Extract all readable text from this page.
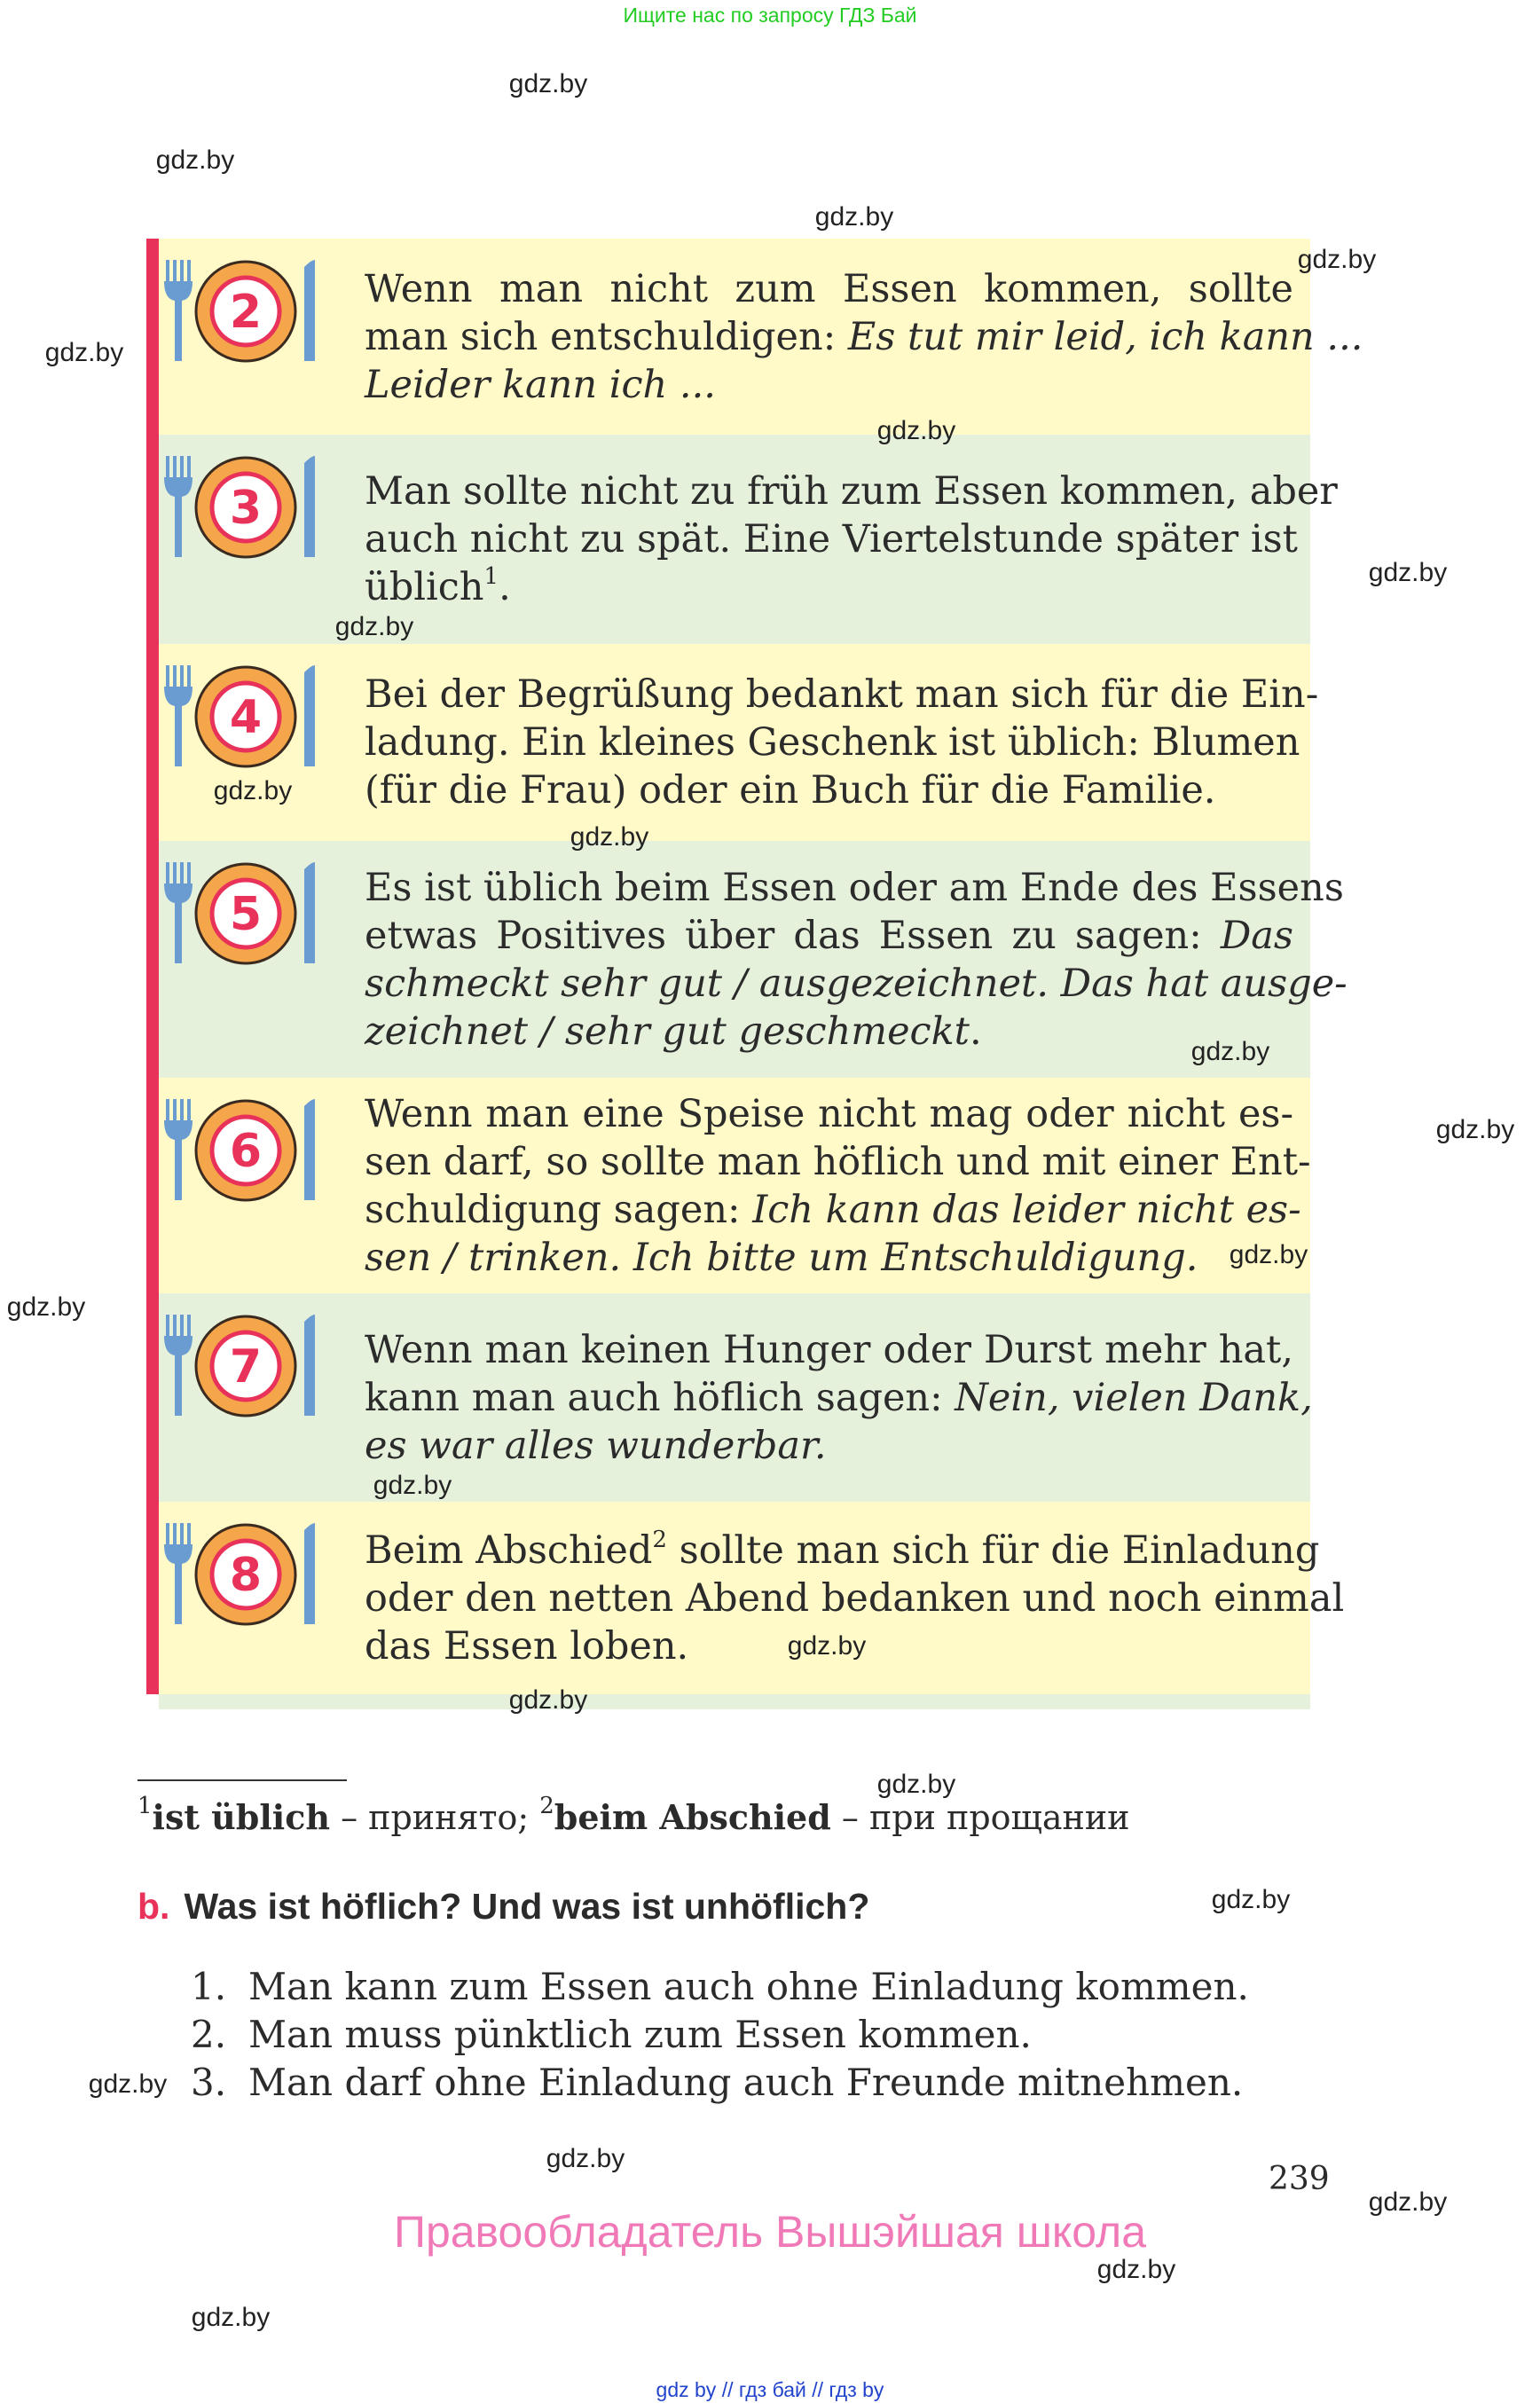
Ищите нас по запросу ГДЗ Бай
2	Wenn man nicht zum Essen kommen, sollte
man sich entschuldigen: Es tut mir leid, ich kann ...
Leider kann ich ...
3	Man sollte nicht zu früh zum Essen kommen, aber
auch nicht zu spät. Eine Viertelstunde später ist
üblich$^1$.
4	Bei der Begrüßung bedankt man sich für die Ein-
ladung. Ein kleines Geschenk ist üblich: Blumen
(für die Frau) oder ein Buch für die Familie.
5
Es ist üblich beim Essen oder am Ende des Essens
etwas Positives über das Essen zu sagen: Das
schmeckt sehr gut / ausgezeichnet. Das hat ausge-
zeichnet / sehr gut geschmeckt.
6
Wenn man eine Speise nicht mag oder nicht es-
sen darf, so sollte man höflich und mit einer Ent-
schuldigung sagen: Ich kann das leider nicht es-
sen / trinken. Ich bitte um Entschuldigung.
7	Wenn man keinen Hunger oder Durst mehr hat,
kann man auch höflich sagen: Nein, vielen Dank,
es war alles wunderbar.
8	Beim Abschied$^2$ sollte man sich für die Einladung
oder den netten Abend bedanken und noch einmal
das Essen loben.
$^1$ist üblich – принято; $^2$beim Abschied – при прощании
b. Was ist höflich? Und was ist unhöflich?
1. Man kann zum Essen auch ohne Einladung kommen.
2. Man muss pünktlich zum Essen kommen.
3. Man darf ohne Einladung auch Freunde mitnehmen.
239
Правообладатель Вышэйшая школа
gdz by // гдз бай // гдз by
gdz.by
gdz.by
gdz.by
gdz.by
gdz.by
gdz.by
gdz.by
gdz.by
gdz.by
gdz.by
gdz.by
gdz.by
gdz.by
gdz.by
gdz.by
gdz.by
gdz.by
gdz.by
gdz.by
gdz.by
gdz.by
gdz.by
gdz.by
gdz.by
